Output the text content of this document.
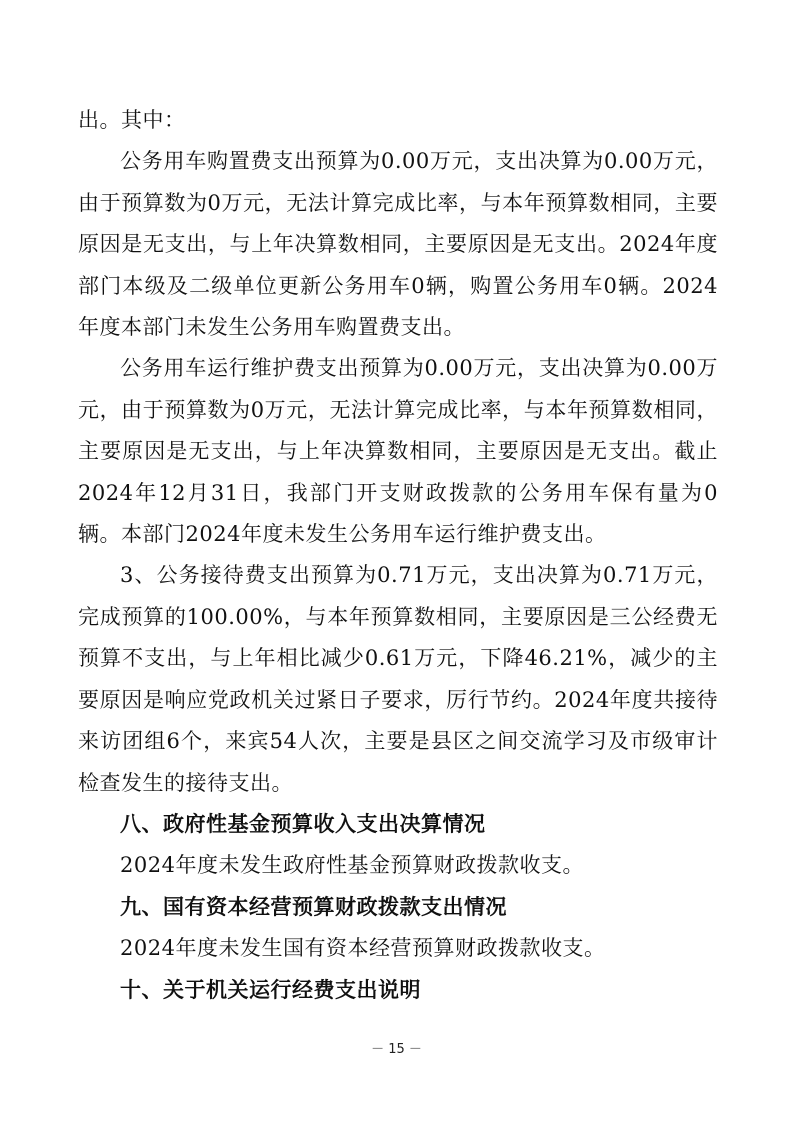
出。其中：

公务用车购置费支出预算为0.00万元，支出决算为0.00万元，由于预算数为0万元，无法计算完成比率，与本年预算数相同，主要原因是无支出，与上年决算数相同，主要原因是无支出。2024年度部门本级及二级单位更新公务用车0辆，购置公务用车0辆。2024年度本部门未发生公务用车购置费支出。

公务用车运行维护费支出预算为0.00万元，支出决算为0.00万元，由于预算数为0万元，无法计算完成比率，与本年预算数相同，主要原因是无支出，与上年决算数相同，主要原因是无支出。截止2024年12月31日，我部门开支财政拨款的公务用车保有量为0辆。本部门2024年度未发生公务用车运行维护费支出。

3、公务接待费支出预算为0.71万元，支出决算为0.71万元，完成预算的100.00%，与本年预算数相同，主要原因是三公经费无预算不支出，与上年相比减少0.61万元，下降46.21%，减少的主要原因是响应党政机关过紧日子要求，厉行节约。2024年度共接待来访团组6个，来宾54人次，主要是县区之间交流学习及市级审计检查发生的接待支出。

八、政府性基金预算收入支出决算情况

2024年度未发生政府性基金预算财政拨款收支。

九、国有资本经营预算财政拨款支出情况

2024年度未发生国有资本经营预算财政拨款收支。

十、关于机关运行经费支出说明

－ 15 －
